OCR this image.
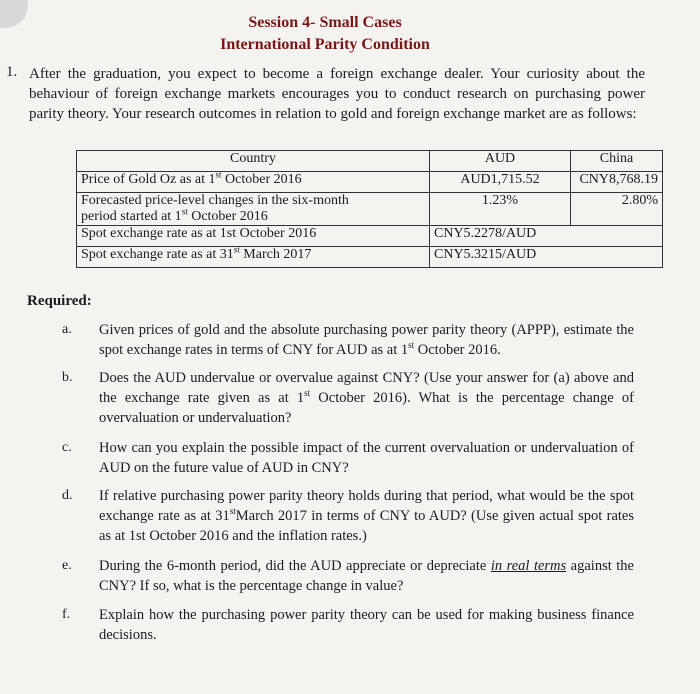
Session 4- Small Cases
International Parity Condition
1. After the graduation, you expect to become a foreign exchange dealer. Your curiosity about the behaviour of foreign exchange markets encourages you to conduct research on purchasing power parity theory. Your research outcomes in relation to gold and foreign exchange market are as follows:
Country	AUD	China
Price of Gold Oz as at 1st October 2016	AUD1,715.52	CNY8,768.19
Forecasted price-level changes in the six-month
period started at 1st October 2016	1.23%	2.80%
Spot exchange rate as at 1st October 2016	CNY5.2278/AUD	
Spot exchange rate as at 31st March 2017	CNY5.3215/AUD	
Required:
a. Given prices of gold and the absolute purchasing power parity theory (APPP), estimate the spot exchange rates in terms of CNY for AUD as at 1st October 2016.
b. Does the AUD undervalue or overvalue against CNY? (Use your answer for (a) above and the exchange rate given as at 1st October 2016). What is the percentage change of overvaluation or undervaluation?
c. How can you explain the possible impact of the current overvaluation or undervaluation of AUD on the future value of AUD in CNY?
d. If relative purchasing power parity theory holds during that period, what would be the spot exchange rate as at 31stMarch 2017 in terms of CNY to AUD? (Use given actual spot rates as at 1st October 2016 and the inflation rates.)
e. During the 6-month period, did the AUD appreciate or depreciate in real terms against the CNY? If so, what is the percentage change in value?
f. Explain how the purchasing power parity theory can be used for making business finance decisions.
